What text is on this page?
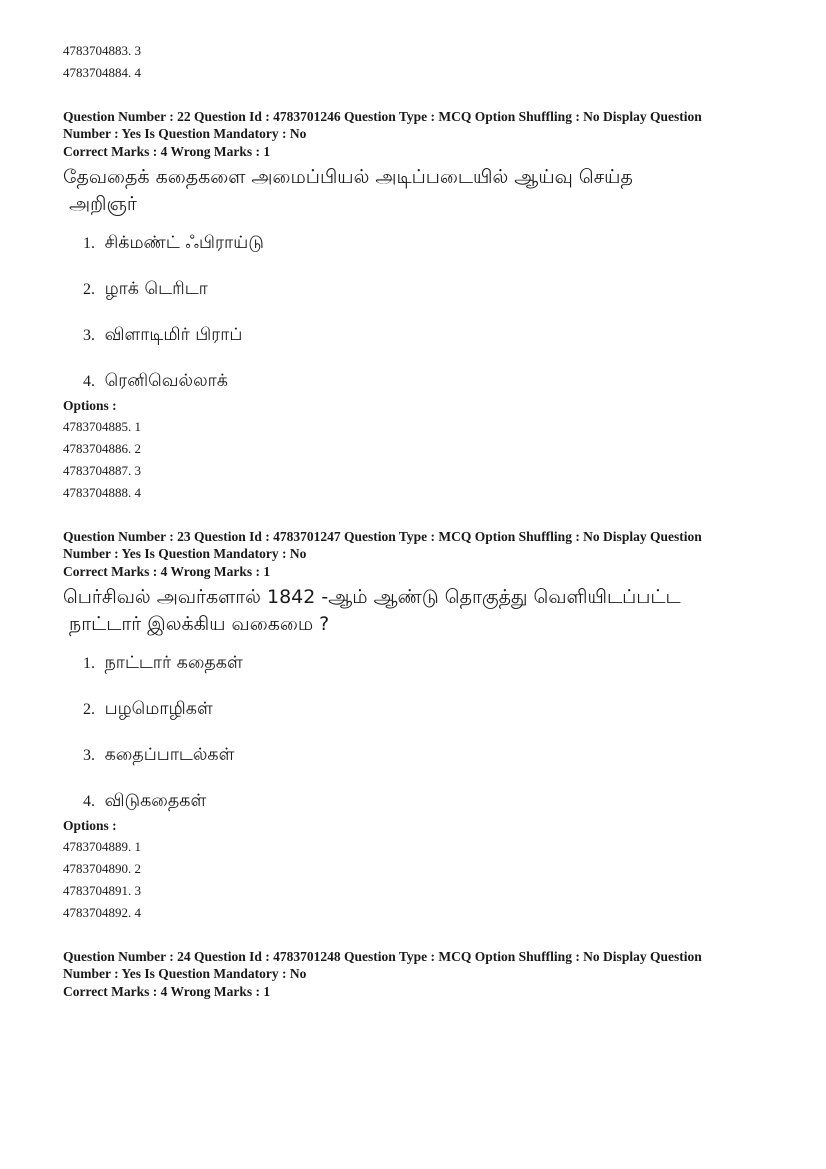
4783704883. 3
4783704884. 4
Question Number : 22 Question Id : 4783701246 Question Type : MCQ Option Shuffling : No Display Question
Number : Yes Is Question Mandatory : No
Correct Marks : 4 Wrong Marks : 1
தேவதைக் கதைகளை அமைப்பியல் அடிப்படையில் ஆய்வு செய்த
அறிஞர்
1. சிக்மண்ட் ஃபிராய்டு
2. ழாக் டெரிடா
3. விளாடிமிர் பிராப்
4. ரெனிவெல்லாக்
Options :
4783704885. 1
4783704886. 2
4783704887. 3
4783704888. 4
Question Number : 23 Question Id : 4783701247 Question Type : MCQ Option Shuffling : No Display Question
Number : Yes Is Question Mandatory : No
Correct Marks : 4 Wrong Marks : 1
பெர்சிவல் அவர்களால் 1842 -ஆம் ஆண்டு தொகுத்து வெளியிடப்பட்ட
நாட்டார் இலக்கிய வகைமை ?
1. நாட்டார் கதைகள்
2. பழமொழிகள்
3. கதைப்பாடல்கள்
4. விடுகதைகள்
Options :
4783704889. 1
4783704890. 2
4783704891. 3
4783704892. 4
Question Number : 24 Question Id : 4783701248 Question Type : MCQ Option Shuffling : No Display Question
Number : Yes Is Question Mandatory : No
Correct Marks : 4 Wrong Marks : 1
